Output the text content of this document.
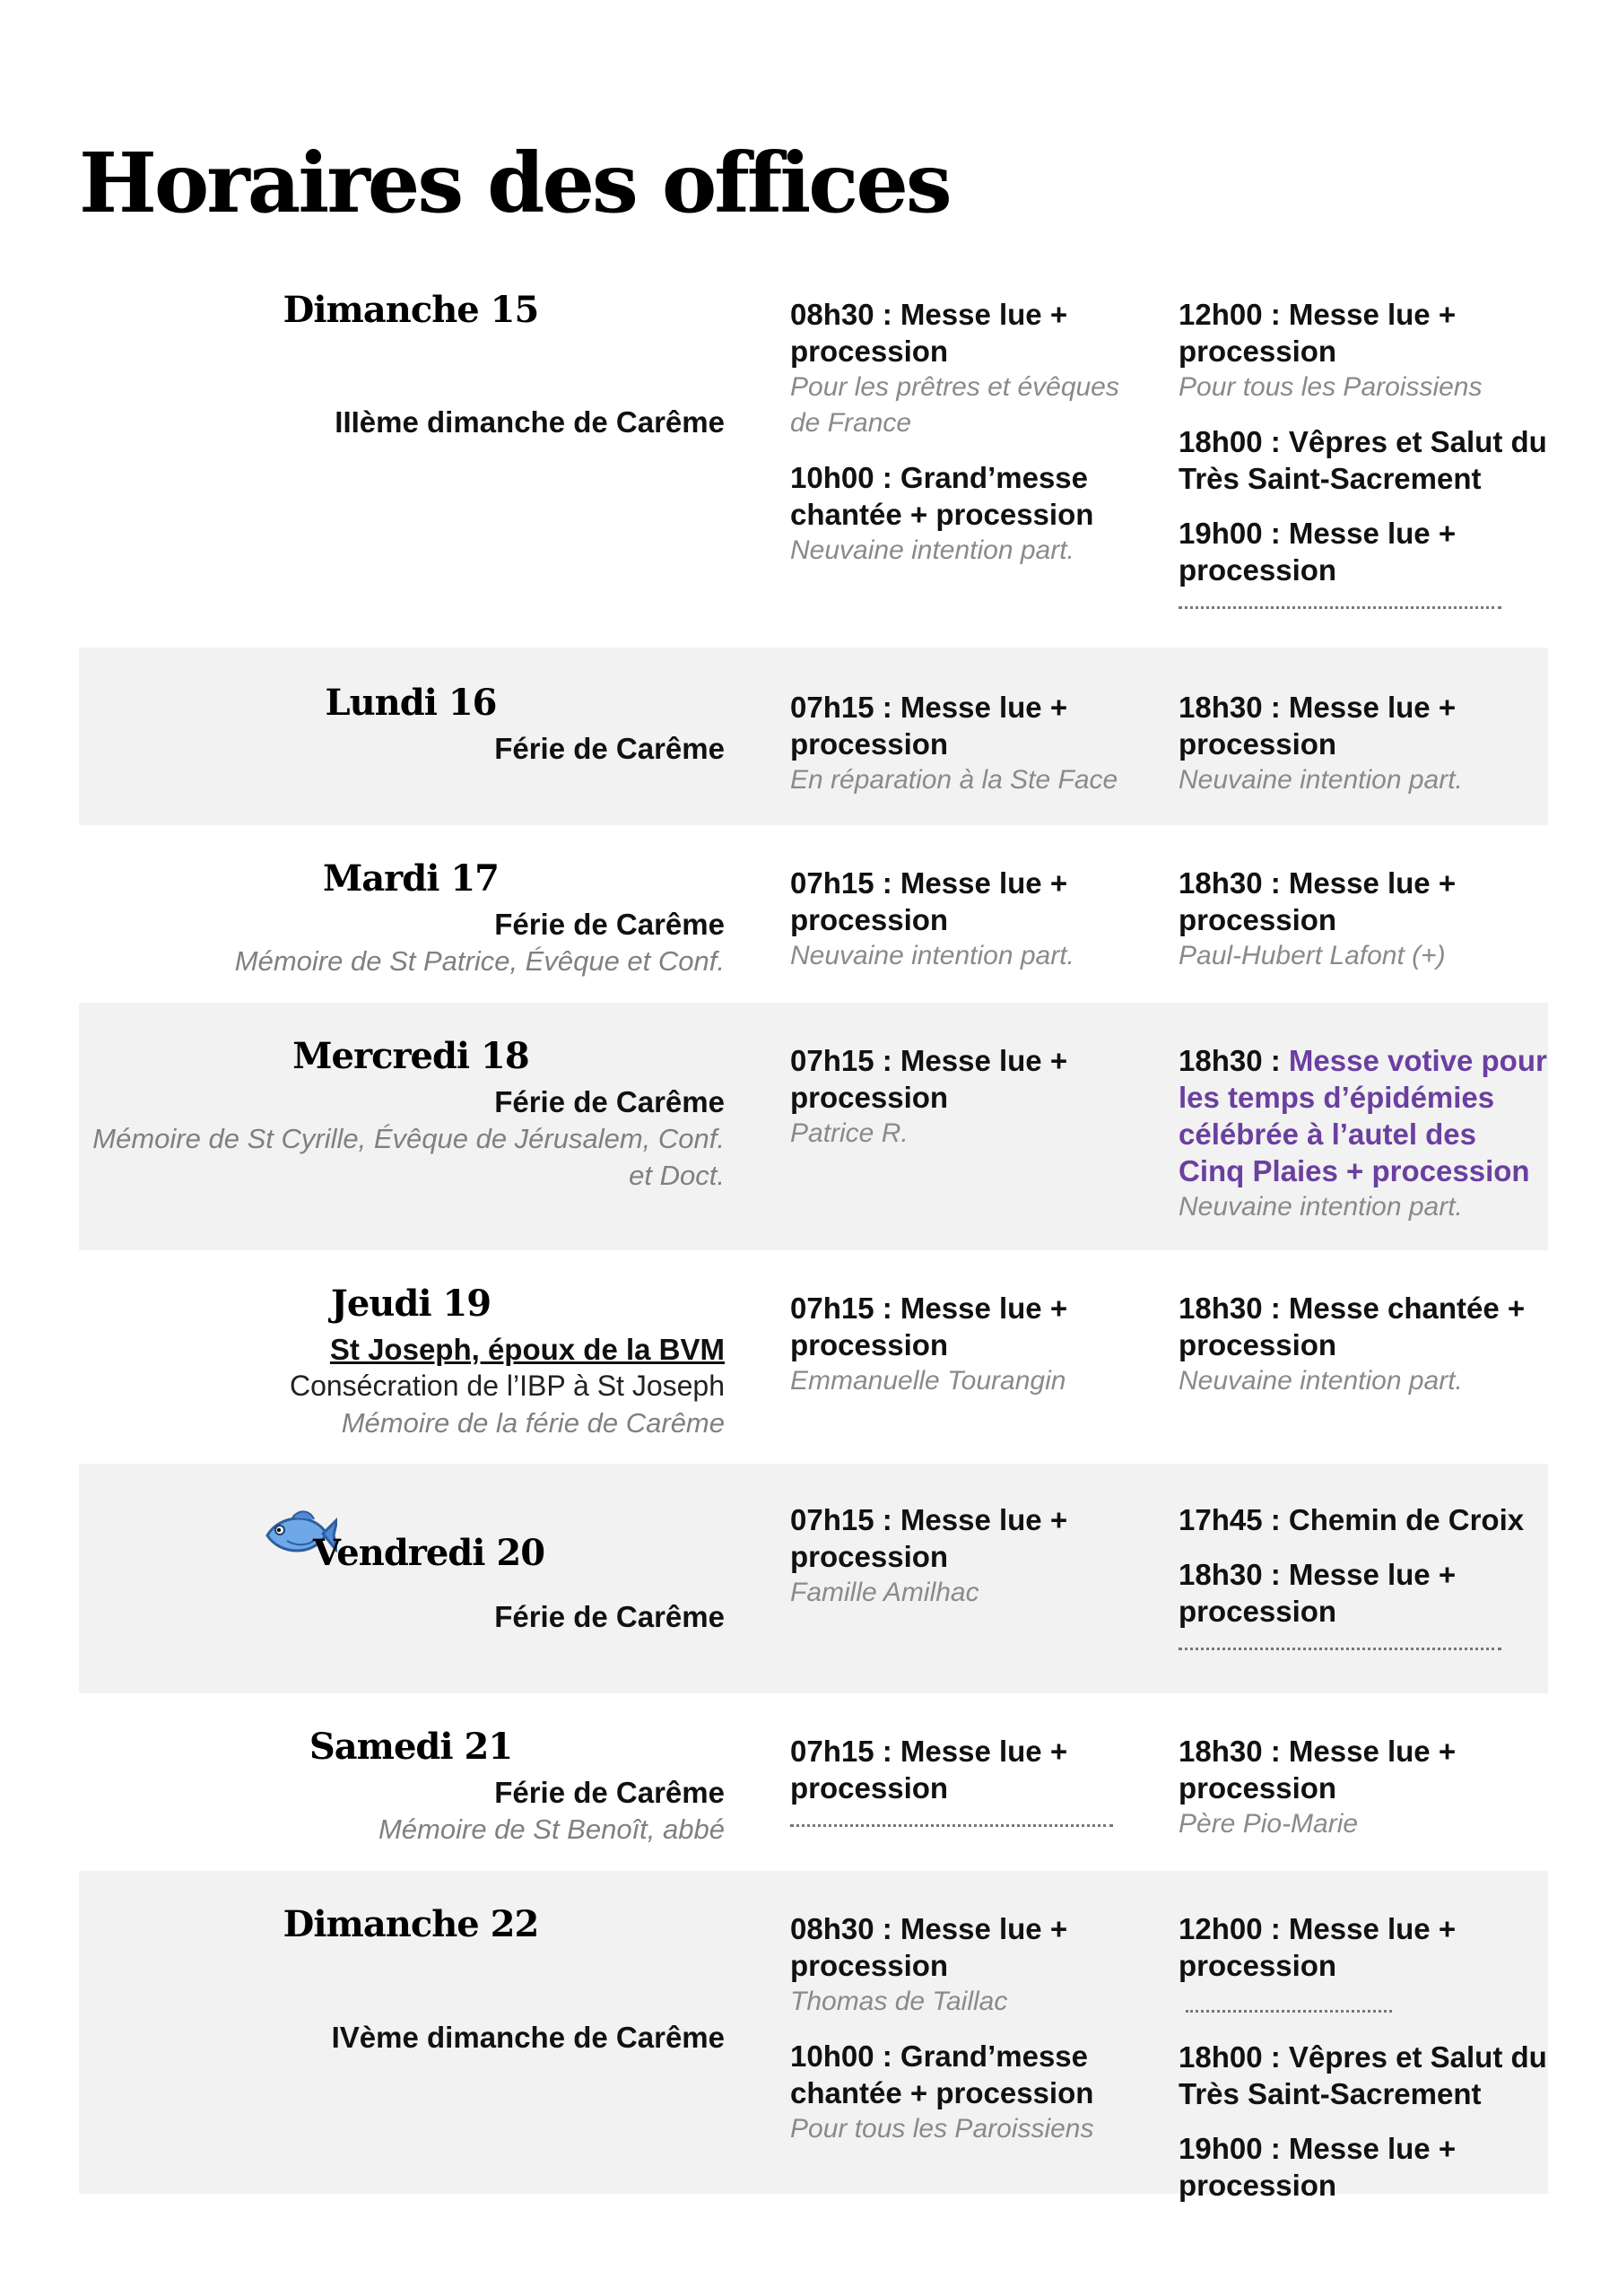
Horaires des offices
Dimanche 15
IIIème dimanche de Carême
08h30 : Messe lue + procession
Pour les prêtres et évêques de France
10h00 : Grand’messe chantée + procession
Neuvaine intention part.
12h00 : Messe lue + procession
Pour tous les Paroissiens
18h00 : Vêpres et Salut du Très Saint-Sacrement
19h00 : Messe lue + procession
Lundi 16
Férie de Carême
07h15 : Messe lue + procession
En réparation à la Ste Face
18h30 : Messe lue + procession
Neuvaine intention part.
Mardi 17
Férie de Carême
Mémoire de St Patrice, Évêque et Conf.
07h15 : Messe lue + procession
Neuvaine intention part.
18h30 : Messe lue + procession
Paul-Hubert Lafont (+)
Mercredi 18
Férie de Carême
Mémoire de St Cyrille, Évêque de Jérusalem, Conf. et Doct.
07h15 : Messe lue + procession
Patrice R.
18h30 : Messe votive pour les temps d’épidémies célébrée à l’autel des Cinq Plaies + procession
Neuvaine intention part.
Jeudi 19
St Joseph, époux de la BVM
Consécration de l’IBP à St Joseph
Mémoire de la férie de Carême
07h15 : Messe lue + procession
Emmanuelle Tourangin
18h30 : Messe chantée + procession
Neuvaine intention part.
Vendredi 20
Férie de Carême
07h15 : Messe lue + procession
Famille Amilhac
17h45 : Chemin de Croix
18h30 : Messe lue + procession
Samedi 21
Férie de Carême
Mémoire de St Benoît, abbé
07h15 : Messe lue + procession
18h30 : Messe lue + procession
Père Pio-Marie
Dimanche 22
IVème dimanche de Carême
08h30 : Messe lue + procession
Thomas de Taillac
10h00 : Grand’messe chantée + procession
Pour tous les Paroissiens
12h00 : Messe lue + procession
18h00 : Vêpres et Salut du Très Saint-Sacrement
19h00 : Messe lue + procession
